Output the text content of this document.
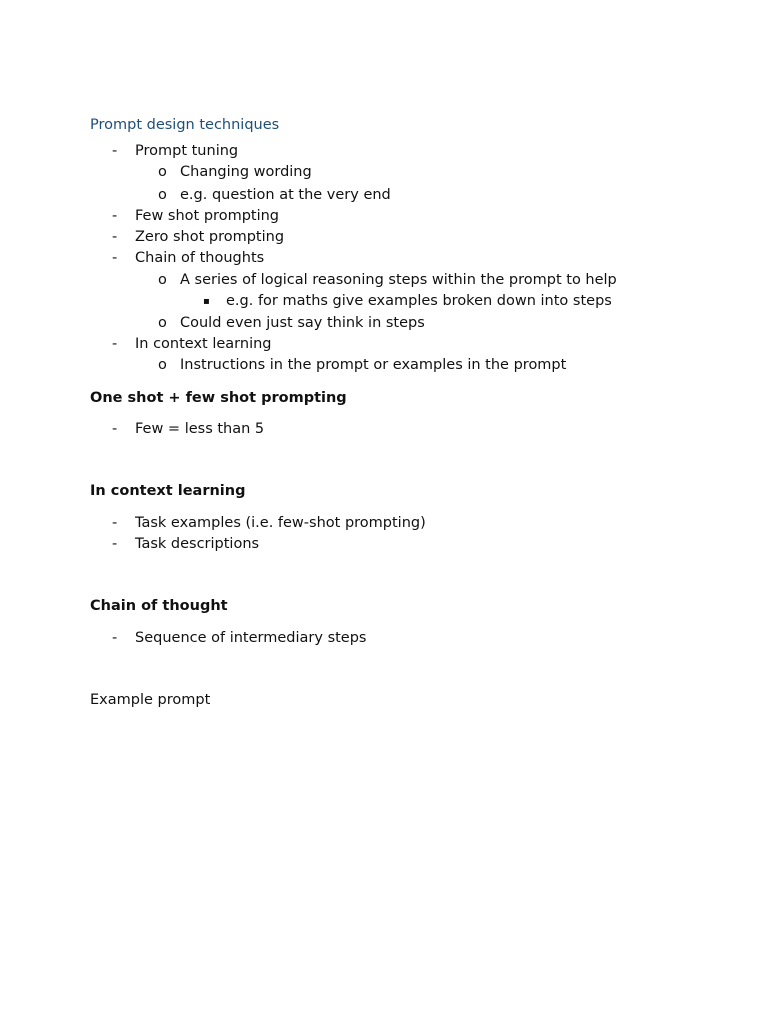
Prompt design techniques
-	Prompt tuning
o Changing wording
o e.g. question at the very end
-	Few shot prompting
-	Zero shot prompting
-	Chain of thoughts
o A series of logical reasoning steps within the prompt to help
▪ e.g. for maths give examples broken down into steps
o Could even just say think in steps
-	In context learning
o Instructions in the prompt or examples in the prompt
One shot + few shot prompting
-	Few = less than 5
In context learning
-	Task examples (i.e. few-shot prompting)
-	Task descriptions
Chain of thought
-	Sequence of intermediary steps
Example prompt
